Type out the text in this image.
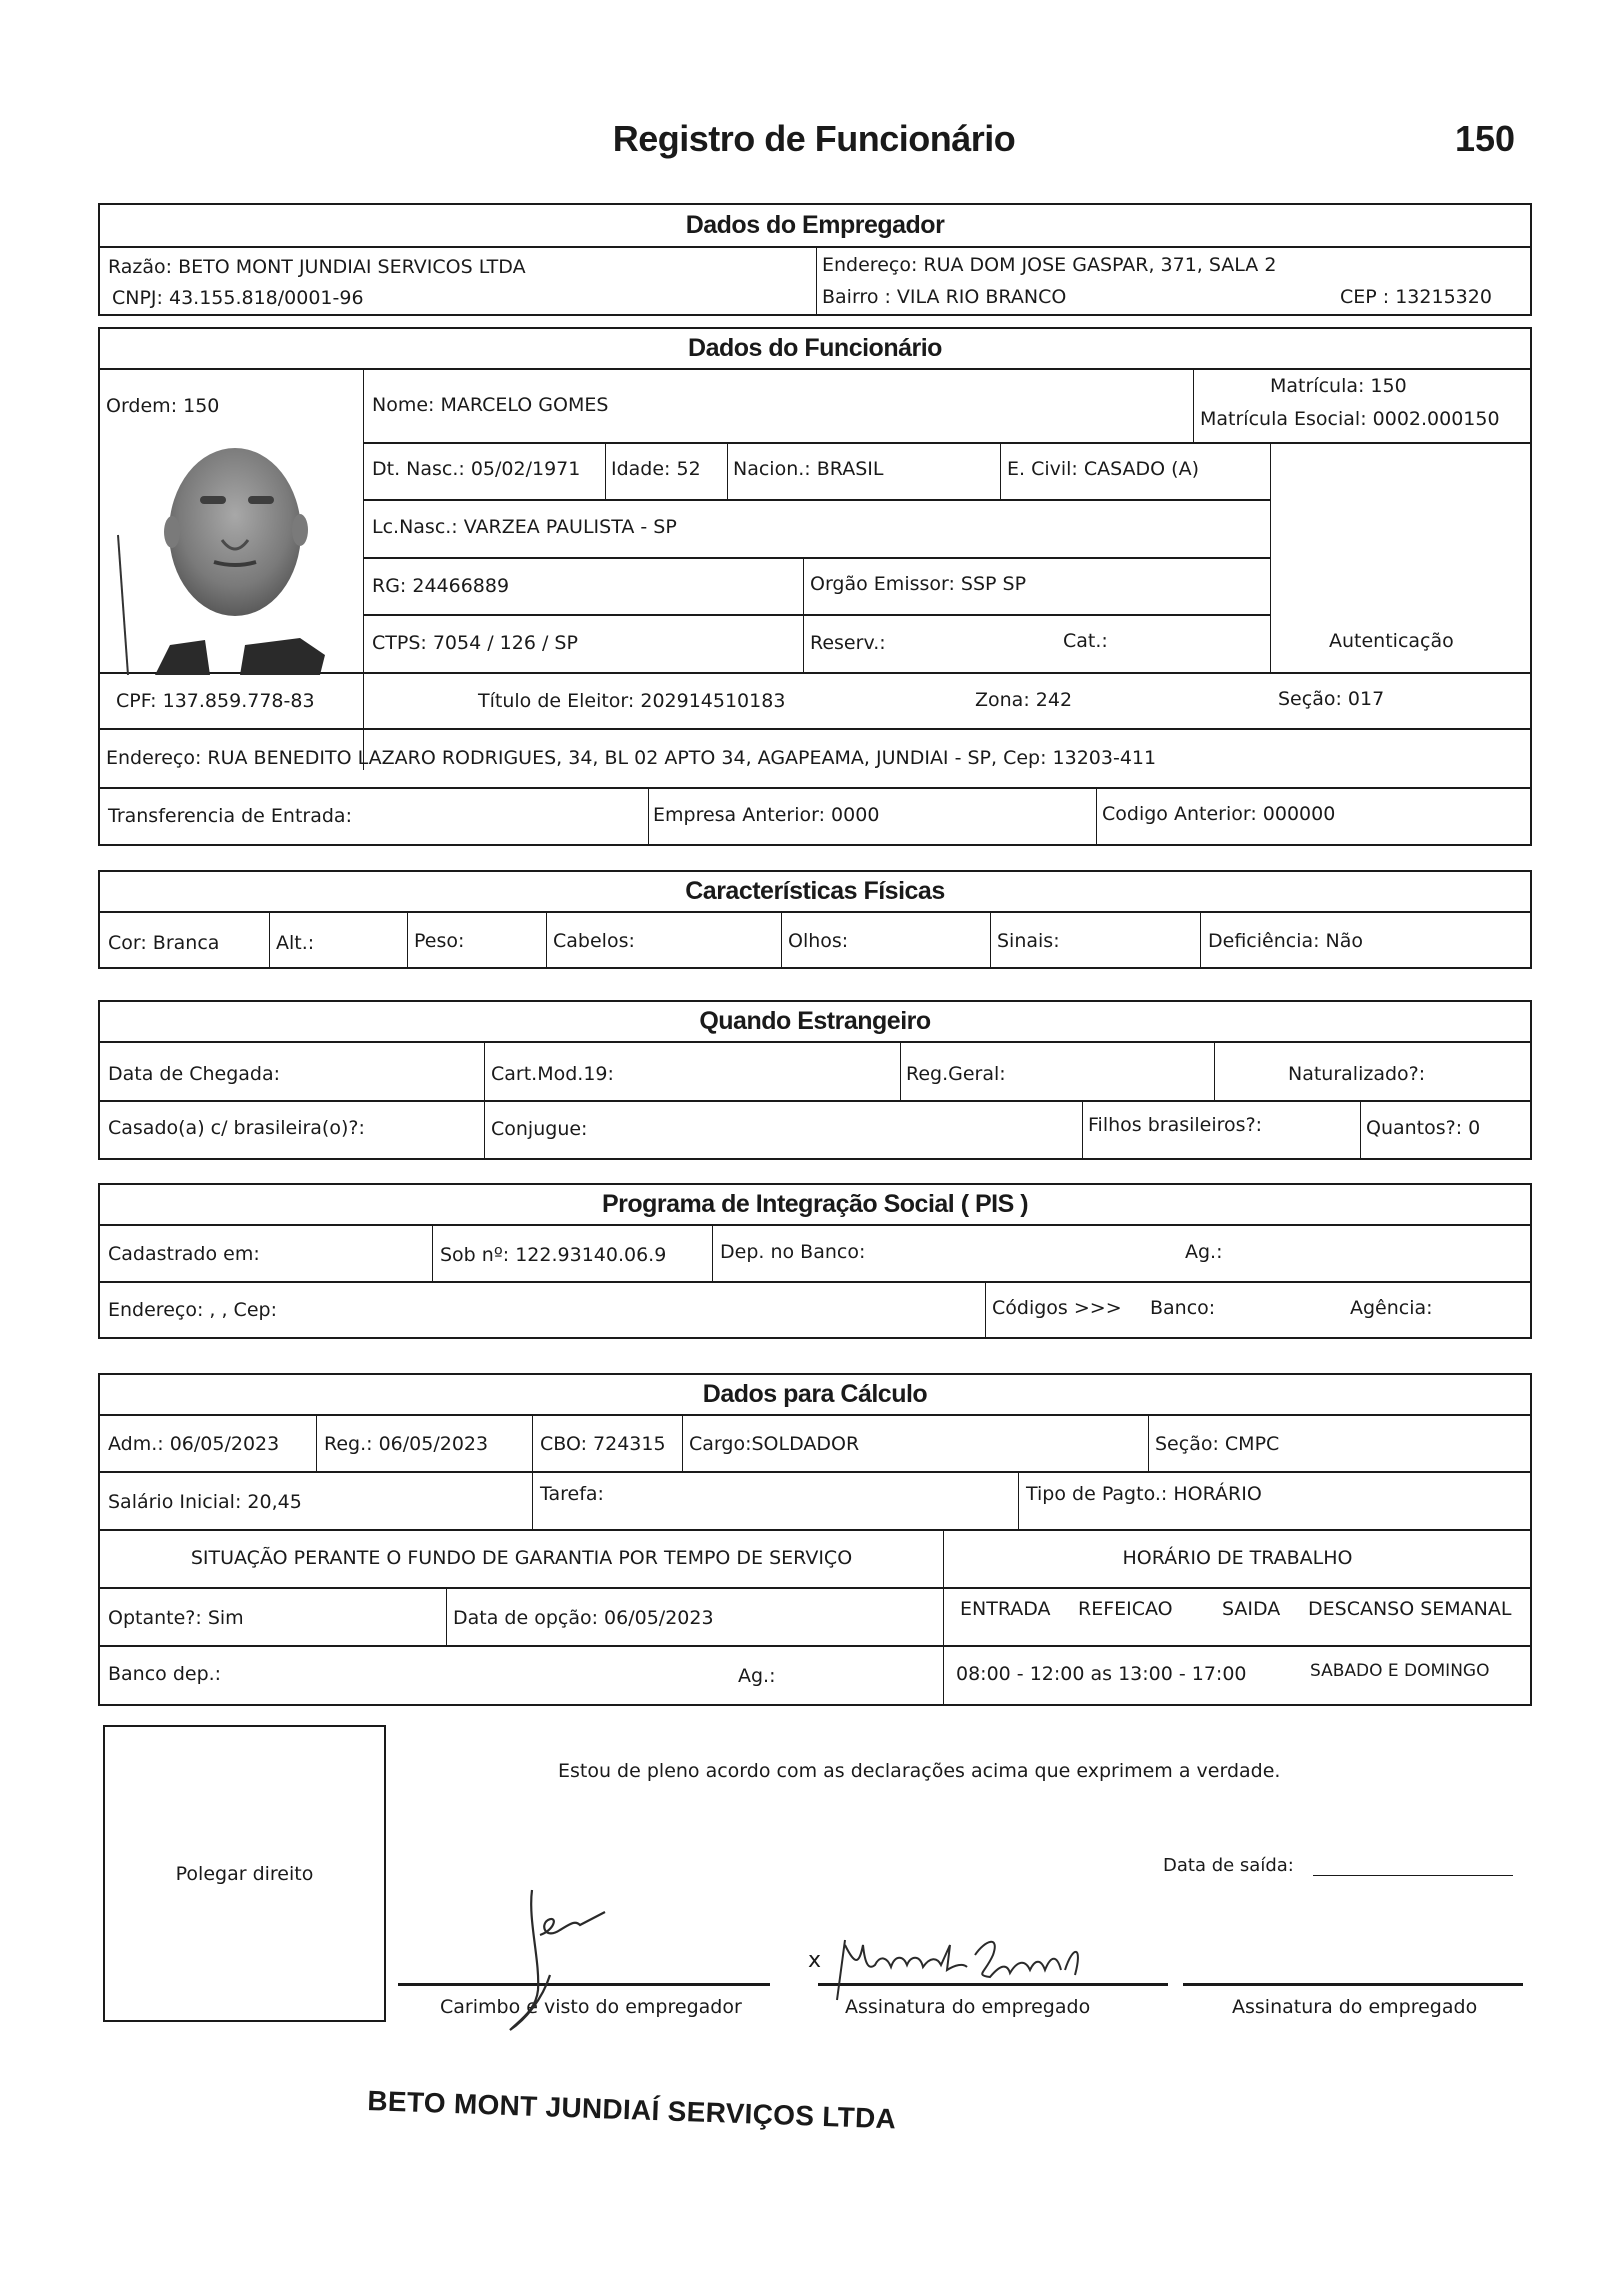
Registro de Funcionário	150
Dados do Empregador
Razão: BETO MONT JUNDIAI SERVICOS LTDA
CNPJ: 43.155.818/0001-96
Endereço: RUA DOM JOSE GASPAR, 371, SALA 2
Bairro : VILA RIO BRANCO	CEP : 13215320
Dados do Funcionário
Ordem: 150	Nome: MARCELO GOMES
Matrícula: 150
Matrícula Esocial: 0002.000150
Dt. Nasc.: 05/02/1971 Idade: 52 Nacion.: BRASIL	E. Civil: CASADO (A)
Lc.Nasc.: VARZEA PAULISTA - SP
RG: 24466889	Orgão Emissor: SSP SP
CTPS: 7054 / 126 / SP	Reserv.:	Cat.:	Autenticação
CPF: 137.859.778-83	Título de Eleitor: 202914510183	Zona: 242	Seção: 017
Endereço: RUA BENEDITO LAZARO RODRIGUES, 34, BL 02 APTO 34, AGAPEAMA, JUNDIAI - SP, Cep: 13203-411
Transferencia de Entrada:	Empresa Anterior: 0000	Codigo Anterior: 000000
Características Físicas
Cor: Branca	Alt.:	Peso:	Cabelos:	Olhos:	Sinais:	Deficiência: Não
Quando Estrangeiro
Data de Chegada:	Cart.Mod.19:	Reg.Geral:	Naturalizado?:
Casado(a) c/ brasileira(o)?:	Conjugue:	Filhos brasileiros?:	Quantos?: 0
Programa de Integração Social ( PIS )
Cadastrado em:	Sob nº: 122.93140.06.9	Dep. no Banco:	Ag.:
Endereço: , , Cep:	Códigos >>> Banco:	Agência:
Dados para Cálculo
Adm.: 06/05/2023 Reg.: 06/05/2023	CBO: 724315 Cargo:SOLDADOR	Seção: CMPC
Salário Inicial: 20,45	Tarefa:	Tipo de Pagto.: HORÁRIO
SITUAÇÃO PERANTE O FUNDO DE GARANTIA POR TEMPO DE SERVIÇO	HORÁRIO DE TRABALHO
Optante?: Sim	Data de opção: 06/05/2023	ENTRADA REFEICAO	SAIDA DESCANSO SEMANAL
Banco dep.:	Ag.:	08:00 - 12:00 as 13:00 - 17:00	SABADO E DOMINGO
Polegar direito
Estou de pleno acordo com as declarações acima que exprimem a verdade.
Data de saída:
Carimbo e visto do empregador
x
Assinatura do empregado	Assinatura do empregado
BETO MONT JUNDIAÍ SERVIÇOS LTDA
